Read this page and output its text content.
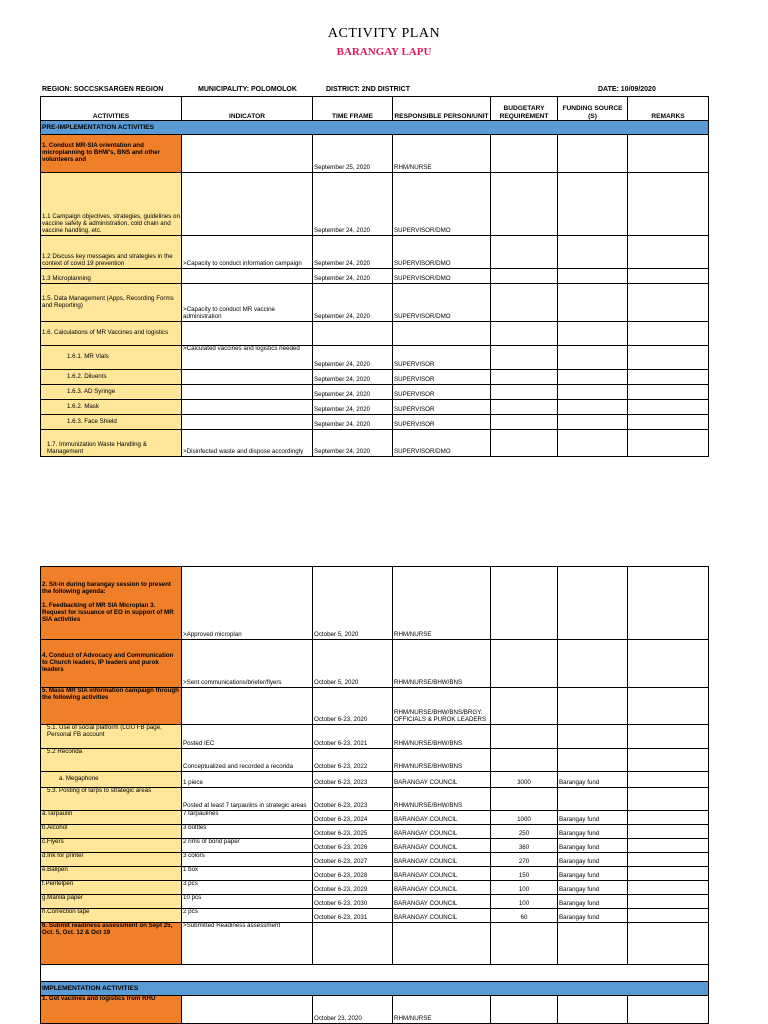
ACTIVITY PLAN
BARANGAY LAPU
REGION: SOCCSKSARGEN REGION	MUNICIPALITY: POLOMOLOK	DISTRICT: 2ND DISTRICT	DATE: 10/09/2020
ACTIVITIES	INDICATOR	TIME FRAME	RESPONSIBLE PERSON/UNIT	BUDGETARY REQUIREMENT	FUNDING SOURCE (S)	REMARKS
PRE-IMPLEMENTATION ACTIVITIES						
1. Conduct MR-SIA orientation and microplanning to BHW's, BNS and other volunteers and		September 25, 2020	RHM/NURSE			
1.1 Campaign objectives, strategies, guidelines on vaccine safety & administration, cold chain and vaccine handling, etc.		September 24, 2020	SUPERVISOR/DMO			
1.2 Discuss key messages and strategies in the context of covid 19 prevention	>Capacity to conduct information campaign	September 24, 2020	SUPERVISOR/DMO			
1.3 Microplanning		September 24, 2020	SUPERVISOR/DMO			
1.5. Data Management (Apps, Recording Forms and Reporting)	>Capacity to conduct MR vaccine administration	September 24, 2020	SUPERVISOR/DMO			
1.6. Calculations of MR Vaccines and logistics						
1.6.1. MR Vials	>Calculated vaccines and logistics needed	September 24, 2020	SUPERVISOR			
1.6.2. Diluents		September 24, 2020	SUPERVISOR			
1.6.3. AD Syringe		September 24, 2020	SUPERVISOR			
1.6.2. Mask		September 24, 2020	SUPERVISOR			
1.6.3. Face Shield		September 24, 2020	SUPERVISOR			
1.7. Immunization Waste Handling & Management	>Disinfected waste and dispose accordingly	September 24, 2020	SUPERVISOR/DMO			
2. Sit-in during barangay session to present the following agenda:

1. Feedbacking of MR SIA Microplan 3. Request for issuance of EO in support of MR SIA activities	>Approved microplan	October 5, 2020	RHM/NURSE			
4. Conduct of Advocacy and Communication to Church leaders, IP leaders and purok leaders	>Sent communications/briefer/flyers	October 5, 2020	RHM/NURSE/BHW/BNS			
5. Mass MR SIA information campaign through the following activities		October 6-23, 2020	RHM/NURSE/BHW/BNS/BRGY. OFFICIALS & PUROK LEADERS			
5.1. Use of social platform (LGU FB page, Personal FB account	Posted IEC	October 6-23, 2021	RHM/NURSE/BHW/BNS			
5.2 Recorida	Conceptualized and recorded a recorida	October 6-23, 2022	RHM/NURSE/BHW/BNS			
a. Megaphone	1 piece	October 6-23, 2023	BARANGAY COUNCIL	3000	Barangay fund	
5.3. Posting of tarps to strategic areas	Posted at least 7 tarpaulins in strategic areas	October 6-23, 2023	RHM/NURSE/BHW/BNS			
a.Tarpaulin	7 tarpaulines	October 6-23, 2024	BARANGAY COUNCIL	1000	Barangay fund	
b.Alcohol	3 bottles	October 6-23, 2025	BARANGAY COUNCIL	250	Barangay fund	
c.Flyers	2 rims of bond paper	October 6-23, 2026	BARANGAY COUNCIL	360	Barangay fund	
d.Ink for printer	3 colors	October 6-23, 2027	BARANGAY COUNCIL	270	Barangay fund	
e.Ballpen	1 box	October 6-23, 2028	BARANGAY COUNCIL	150	Barangay fund	
f.Pentelpen	3 pcs	October 6-23, 2029	BARANGAY COUNCIL	100	Barangay fund	
g.Manila paper	10 pcs	October 6-23, 2030	BARANGAY COUNCIL	100	Barangay fund	
h.Correction tape	2 pcs	October 6-23, 2031	BARANGAY COUNCIL	60	Barangay fund	
6. Submit readiness assessment on Sept 25, Oct. 5, Oct. 12 & Oct 19	>Submitted Readiness assessment					

IMPLEMENTATION ACTIVITIES						
1. Get vaciines and logistics from RHU		October 23, 2020	RHM/NURSE			
